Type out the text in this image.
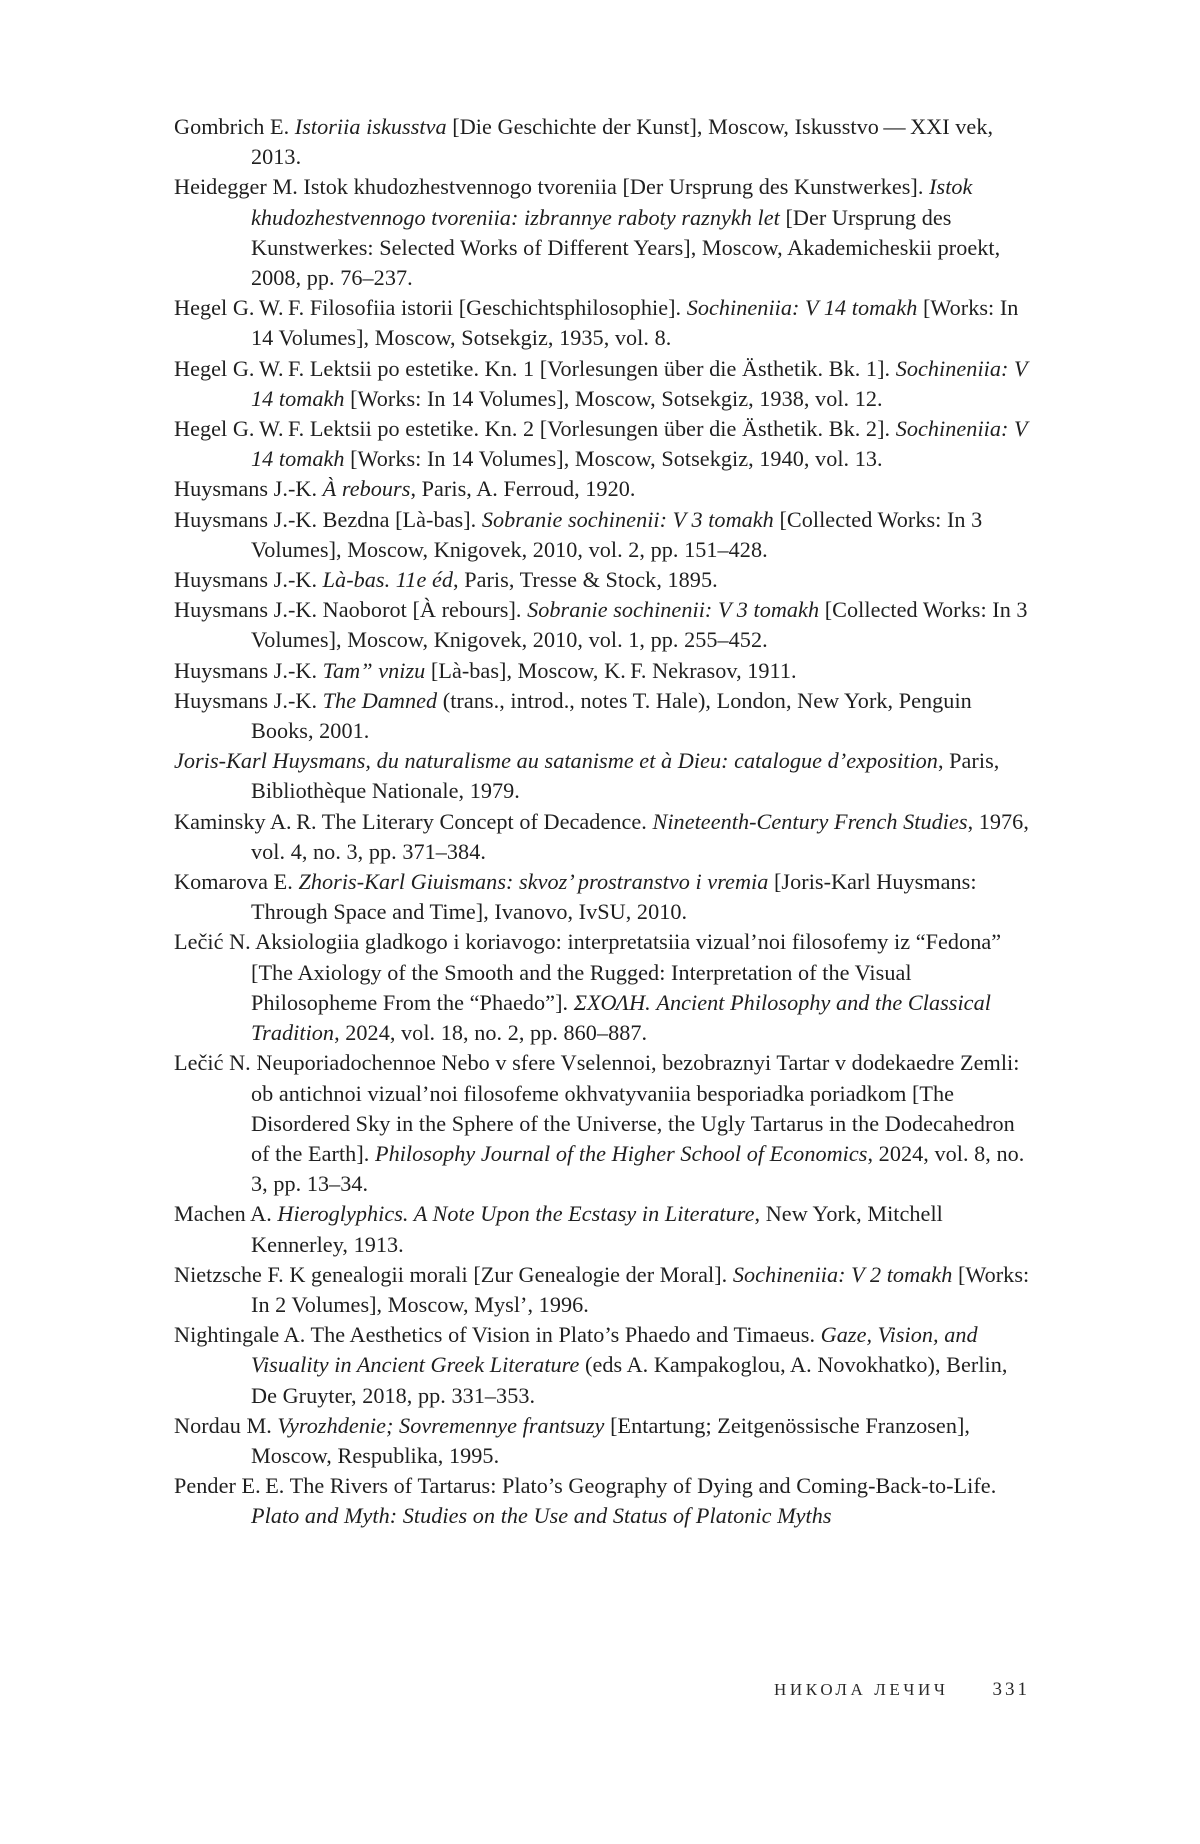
Gombrich E. Istoriia iskusstva [Die Geschichte der Kunst], Moscow, Iskusstvo — XXI vek, 2013.

Heidegger M. Istok khudozhestvennogo tvoreniia [Der Ursprung des Kunstwerkes]. Istok khudozhestvennogo tvoreniia: izbrannye raboty raznykh let [Der Ursprung des Kunstwerkes: Selected Works of Different Years], Moscow, Akademicheskii proekt, 2008, pp. 76–237.

Hegel G. W. F. Filosofiia istorii [Geschichtsphilosophie]. Sochineniia: V 14 tomakh [Works: In 14 Volumes], Moscow, Sotsekgiz, 1935, vol. 8.

Hegel G. W. F. Lektsii po estetike. Kn. 1 [Vorlesungen über die Ästhetik. Bk. 1]. Sochineniia: V 14 tomakh [Works: In 14 Volumes], Moscow, Sotsekgiz, 1938, vol. 12.

Hegel G. W. F. Lektsii po estetike. Kn. 2 [Vorlesungen über die Ästhetik. Bk. 2]. Sochineniia: V 14 tomakh [Works: In 14 Volumes], Moscow, Sotsekgiz, 1940, vol. 13.

Huysmans J.-K. À rebours, Paris, A. Ferroud, 1920.

Huysmans J.-K. Bezdna [Là-bas]. Sobranie sochinenii: V 3 tomakh [Collected Works: In 3 Volumes], Moscow, Knigovek, 2010, vol. 2, pp. 151–428.

Huysmans J.-K. Là-bas. 11e éd, Paris, Tresse & Stock, 1895.

Huysmans J.-K. Naoborot [À rebours]. Sobranie sochinenii: V 3 tomakh [Collected Works: In 3 Volumes], Moscow, Knigovek, 2010, vol. 1, pp. 255–452.

Huysmans J.-K. Tam” vnizu [Là-bas], Moscow, K. F. Nekrasov, 1911.

Huysmans J.-K. The Damned (trans., introd., notes T. Hale), London, New York, Penguin Books, 2001.

Joris-Karl Huysmans, du naturalisme au satanisme et à Dieu: catalogue d’exposition, Paris, Bibliothèque Nationale, 1979.

Kaminsky A. R. The Literary Concept of Decadence. Nineteenth-Century French Studies, 1976, vol. 4, no. 3, pp. 371–384.

Komarova E. Zhoris-Karl Giuismans: skvoz’ prostranstvo i vremia [Joris-Karl Huysmans: Through Space and Time], Ivanovo, IvSU, 2010.

Lečić N. Aksiologiia gladkogo i koriavogo: interpretatsiia vizual’noi filosofemy iz “Fedona” [The Axiology of the Smooth and the Rugged: Interpretation of the Visual Philosopheme From the “Phaedo”]. ΣΧΟΛΗ. Ancient Philosophy and the Classical Tradition, 2024, vol. 18, no. 2, pp. 860–887.

Lečić N. Neuporiadochennoe Nebo v sfere Vselennoi, bezobraznyi Tartar v dodekaedre Zemli: ob antichnoi vizual’noi filosofeme okhvatyvaniia besporiadka poriadkom [The Disordered Sky in the Sphere of the Universe, the Ugly Tartarus in the Dodecahedron of the Earth]. Philosophy Journal of the Higher School of Economics, 2024, vol. 8, no. 3, pp. 13–34.

Machen A. Hieroglyphics. A Note Upon the Ecstasy in Literature, New York, Mitchell Kennerley, 1913.

Nietzsche F. K genealogii morali [Zur Genealogie der Moral]. Sochineniia: V 2 tomakh [Works: In 2 Volumes], Moscow, Mysl’, 1996.

Nightingale A. The Aesthetics of Vision in Plato’s Phaedo and Timaeus. Gaze, Vision, and Visuality in Ancient Greek Literature (eds A. Kampakoglou, A. Novokhatko), Berlin, De Gruyter, 2018, pp. 331–353.

Nordau M. Vyrozhdenie; Sovremennye frantsuzy [Entartung; Zeitgenössische Franzosen], Moscow, Respublika, 1995.

Pender E. E. The Rivers of Tartarus: Plato’s Geography of Dying and Coming-Back-to-Life. Plato and Myth: Studies on the Use and Status of Platonic Myths

НИКОЛА ЛЕЧИЧ 331
